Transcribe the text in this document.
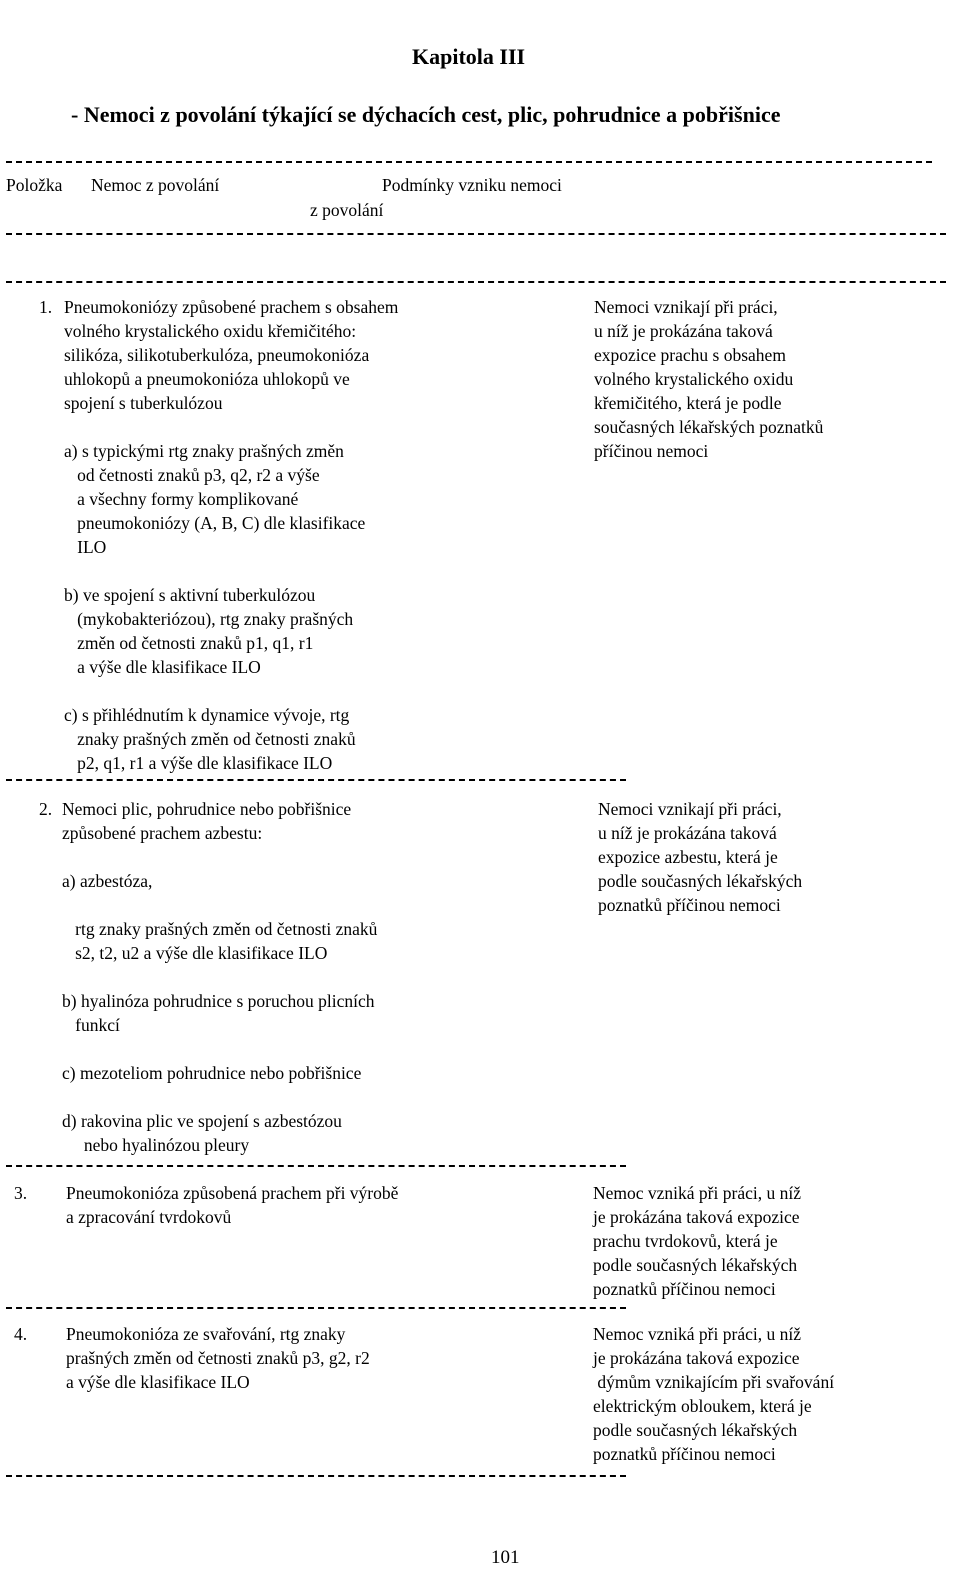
Kapitola III
- Nemoci z povolání týkající se dýchacích cest, plic, pohrudnice a pobřišnice
Položka Nemoc z povolání	Podmínky vzniku nemoci
z povolání
1. Pneumokoniózy způsobené prachem s obsahem
volného krystalického oxidu křemičitého:
silikóza, silikotuberkulóza, pneumokonióza
uhlokopů a pneumokonióza uhlokopů ve
spojení s tuberkulózou

a) s typickými rtg znaky prašných změn
od četnosti znaků p3, q2, r2 a výše
a všechny formy komplikované
pneumokoniózy (A, B, C) dle klasifikace
ILO

b) ve spojení s aktivní tuberkulózou
(mykobakteriózou), rtg znaky prašných
změn od četnosti znaků p1, q1, r1
a výše dle klasifikace ILO

c) s přihlédnutím k dynamice vývoje, rtg
znaky prašných změn od četnosti znaků
p2, q1, r1 a výše dle klasifikace ILO
Nemoci vznikají při práci,
u níž je prokázána taková
expozice prachu s obsahem
volného krystalického oxidu
křemičitého, která je podle
současných lékařských poznatků
příčinou nemoci
2. Nemoci plic, pohrudnice nebo pobřišnice
způsobené prachem azbestu:

a) azbestóza,

rtg znaky prašných změn od četnosti znaků
s2, t2, u2 a výše dle klasifikace ILO

b) hyalinóza pohrudnice s poruchou plicních
funkcí

c) mezoteliom pohrudnice nebo pobřišnice

d) rakovina plic ve spojení s azbestózou
nebo hyalinózou pleury
Nemoci vznikají při práci,
u níž je prokázána taková
expozice azbestu, která je
podle současných lékařských
poznatků příčinou nemoci
3. Pneumokonióza způsobená prachem při výrobě
a zpracování tvrdokovů
Nemoc vzniká při práci, u níž
je prokázána taková expozice
prachu tvrdokovů, která je
podle současných lékařských
poznatků příčinou nemoci
4. Pneumokonióza ze svařování, rtg znaky
prašných změn od četnosti znaků p3, g2, r2
a výše dle klasifikace ILO
Nemoc vzniká při práci, u níž
je prokázána taková expozice
dýmům vznikajícím při svařování
elektrickým obloukem, která je
podle současných lékařských
poznatků příčinou nemoci
101
